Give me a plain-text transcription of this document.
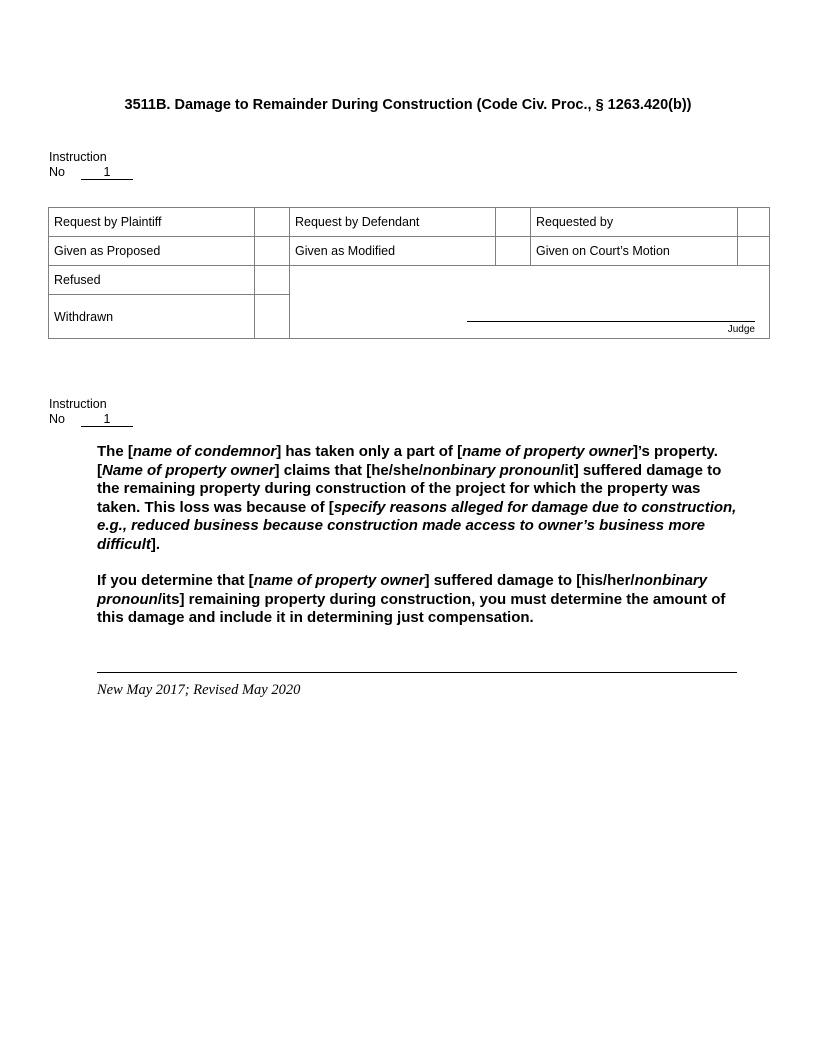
3511B. Damage to Remainder During Construction (Code Civ. Proc., § 1263.420(b))
Instruction
No	1
Request by Plaintiff		Request by Defendant		Requested by	
Given as Proposed		Given as Modified		Given on Court’s Motion	
Refused		Judge			

Withdrawn					
Instruction
No	1

The [name of condemnor] has taken only a part of [name of property owner]’s property. [Name of property owner] claims that [he/she/nonbinary pronoun/it] suffered damage to the remaining property during construction of the project for which the property was taken. This loss was because of [specify reasons alleged for damage due to construction, e.g., reduced business because construction made access to owner’s business more difficult].

If you determine that [name of property owner] suffered damage to [his/her/nonbinary pronoun/its] remaining property during construction, you must determine the amount of this damage and include it in determining just compensation.

New May 2017; Revised May 2020
